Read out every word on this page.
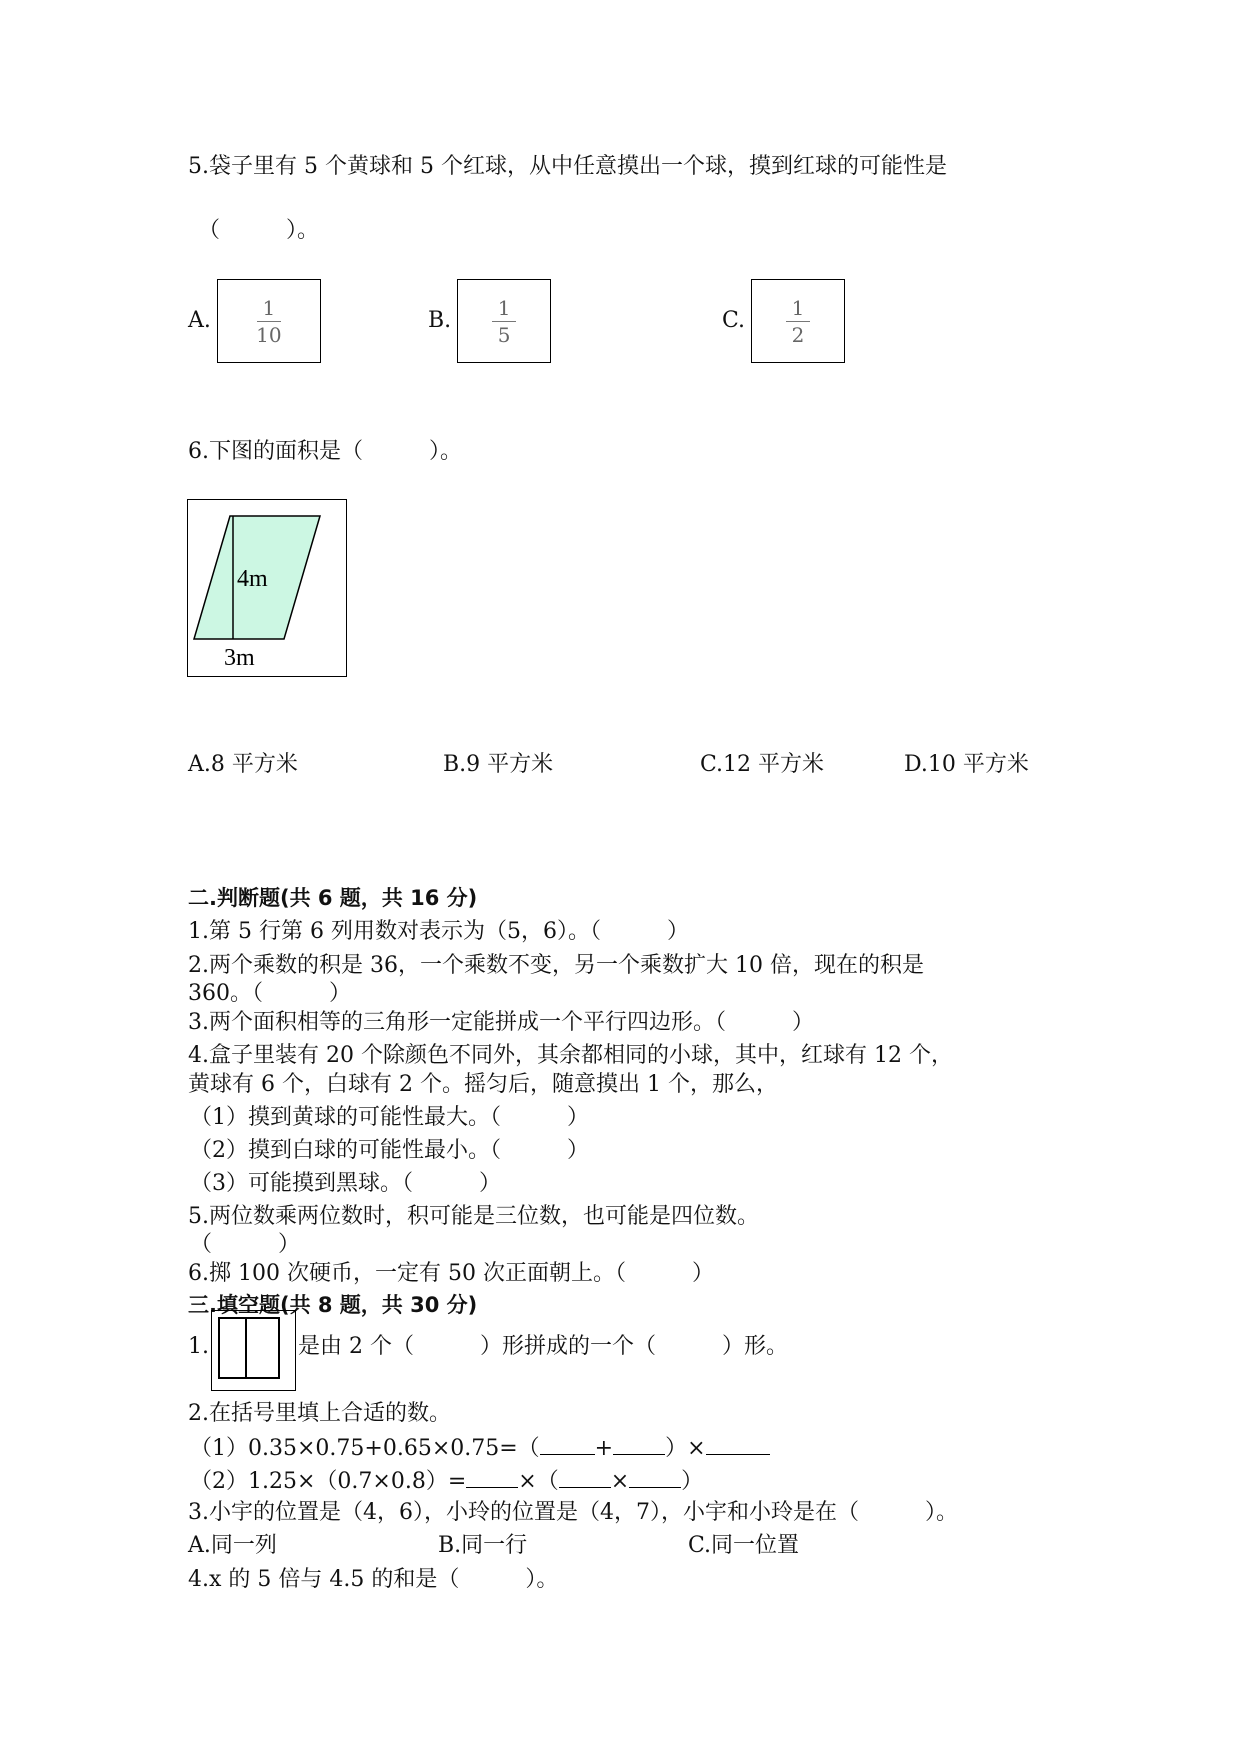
5.袋子里有 5 个黄球和 5 个红球，从中任意摸出一个球，摸到红球的可能性是
（　　　）。
A. $\frac{1}{10}$	B. $\frac{1}{5}$	C. $\frac{1}{2}$
6.下图的面积是（　　　）。
4m
3m
A.8 平方米	B.9 平方米	C.12 平方米	D.10 平方米
二.判断题(共 6 题，共 16 分)
1.第 5 行第 6 列用数对表示为（5，6）。（　　　）
2.两个乘数的积是 36，一个乘数不变，另一个乘数扩大 10 倍，现在的积是
360。（　　　）
3.两个面积相等的三角形一定能拼成一个平行四边形。（　　　）
4.盒子里装有 20 个除颜色不同外，其余都相同的小球，其中，红球有 12 个，
黄球有 6 个，白球有 2 个。摇匀后，随意摸出 1 个，那么，
（1）摸到黄球的可能性最大。（　　　）
（2）摸到白球的可能性最小。（　　　）
（3）可能摸到黑球。（　　　）
5.两位数乘两位数时，积可能是三位数，也可能是四位数。
（　　　）
6.掷 100 次硬币，一定有 50 次正面朝上。（　　　）
三.填空题(共 8 题，共 30 分)
1.	是由 2 个（　　　）形拼成的一个（　　　）形。
2.在括号里填上合适的数。
（1）0.35×0.75+0.65×0.75=（	+ ）×
（2）1.25×（0.7×0.8）= ×（ × ）
3.小宇的位置是（4，6），小玲的位置是（4，7），小宇和小玲是在（　　　）。
A.同一列	B.同一行	C.同一位置
4.x 的 5 倍与 4.5 的和是（　　　）。
